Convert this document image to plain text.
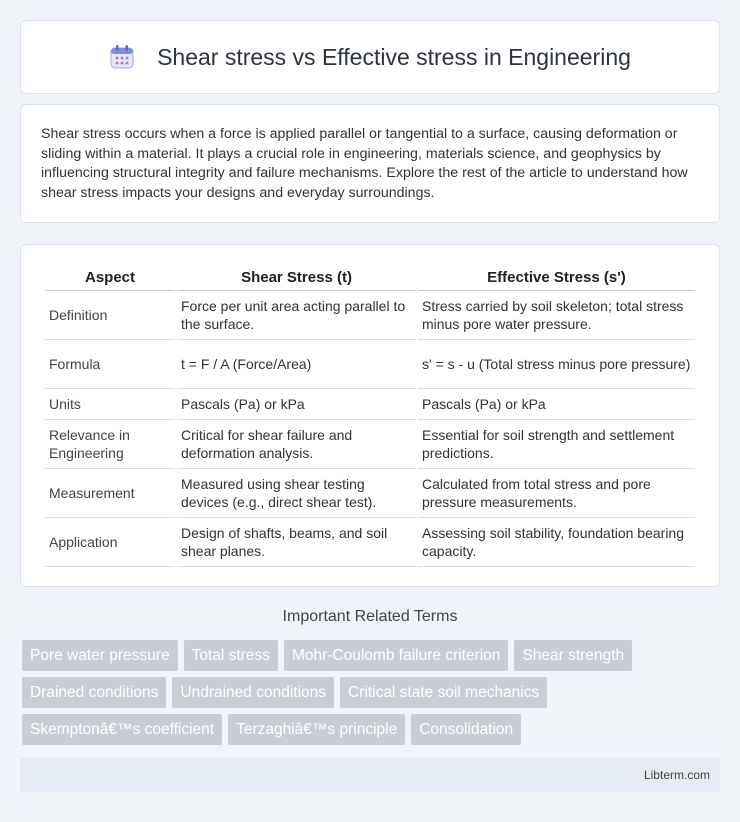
Shear stress vs Effective stress in Engineering

Shear stress occurs when a force is applied parallel or tangential to a surface, causing deformation or sliding within a material. It plays a crucial role in engineering, materials science, and geophysics by influencing structural integrity and failure mechanisms. Explore the rest of the article to understand how shear stress impacts your designs and everyday surroundings.

Aspect	Shear Stress (t)	Effective Stress (s')
Definition	Force per unit area acting parallel to the surface.	Stress carried by soil skeleton; total stress minus pore water pressure.
Formula	t = F / A (Force/Area)	s' = s - u (Total stress minus pore pressure)
Units	Pascals (Pa) or kPa	Pascals (Pa) or kPa
Relevance in Engineering	Critical for shear failure and deformation analysis.	Essential for soil strength and settlement predictions.
Measurement	Measured using shear testing devices (e.g., direct shear test).	Calculated from total stress and pore pressure measurements.
Application	Design of shafts, beams, and soil shear planes.	Assessing soil stability, foundation bearing capacity.
Important Related Terms
Pore water pressure	Total stress	Mohr-Coulomb failure criterion	Shear strength
Drained conditions	Undrained conditions	Critical state soil mechanics
Skemptonâ€™s coefficient	Terzaghiâ€™s principle	Consolidation
Libterm.com
